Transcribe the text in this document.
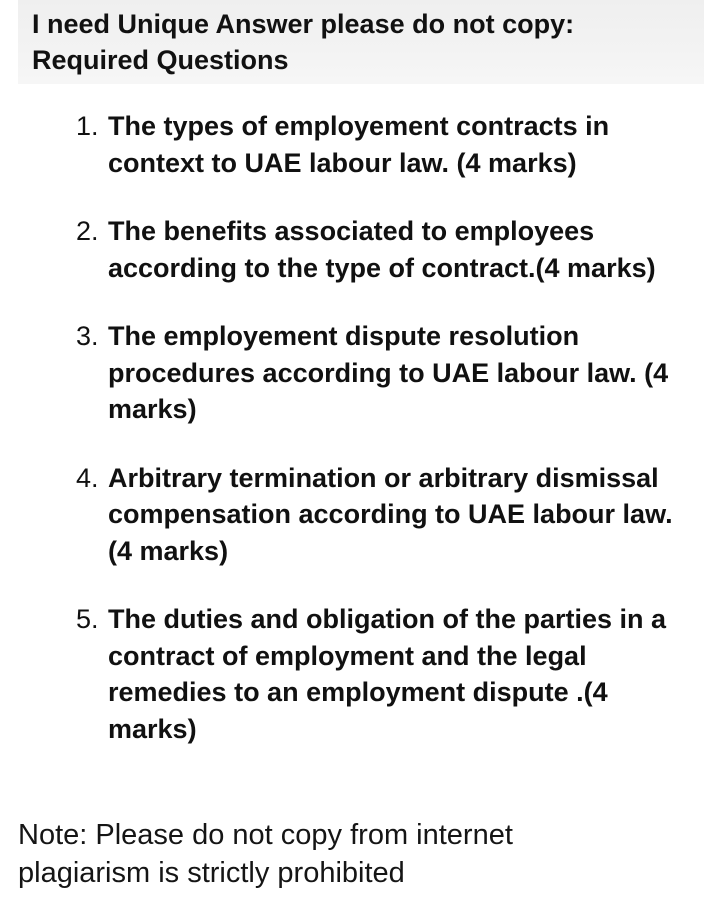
I need Unique Answer please do not copy:
Required Questions
1. The types of employement contracts in context to UAE labour law. (4 marks)
2. The benefits associated to employees according to the type of contract.(4 marks)
3. The employement dispute resolution procedures according to UAE labour law. (4 marks)
4. Arbitrary termination or arbitrary dismissal compensation according to UAE labour law. (4 marks)
5. The duties and obligation of the parties in a contract of employment and the legal remedies to an employment dispute .(4 marks)
Note: Please do not copy from internet
plagiarism is strictly prohibited
